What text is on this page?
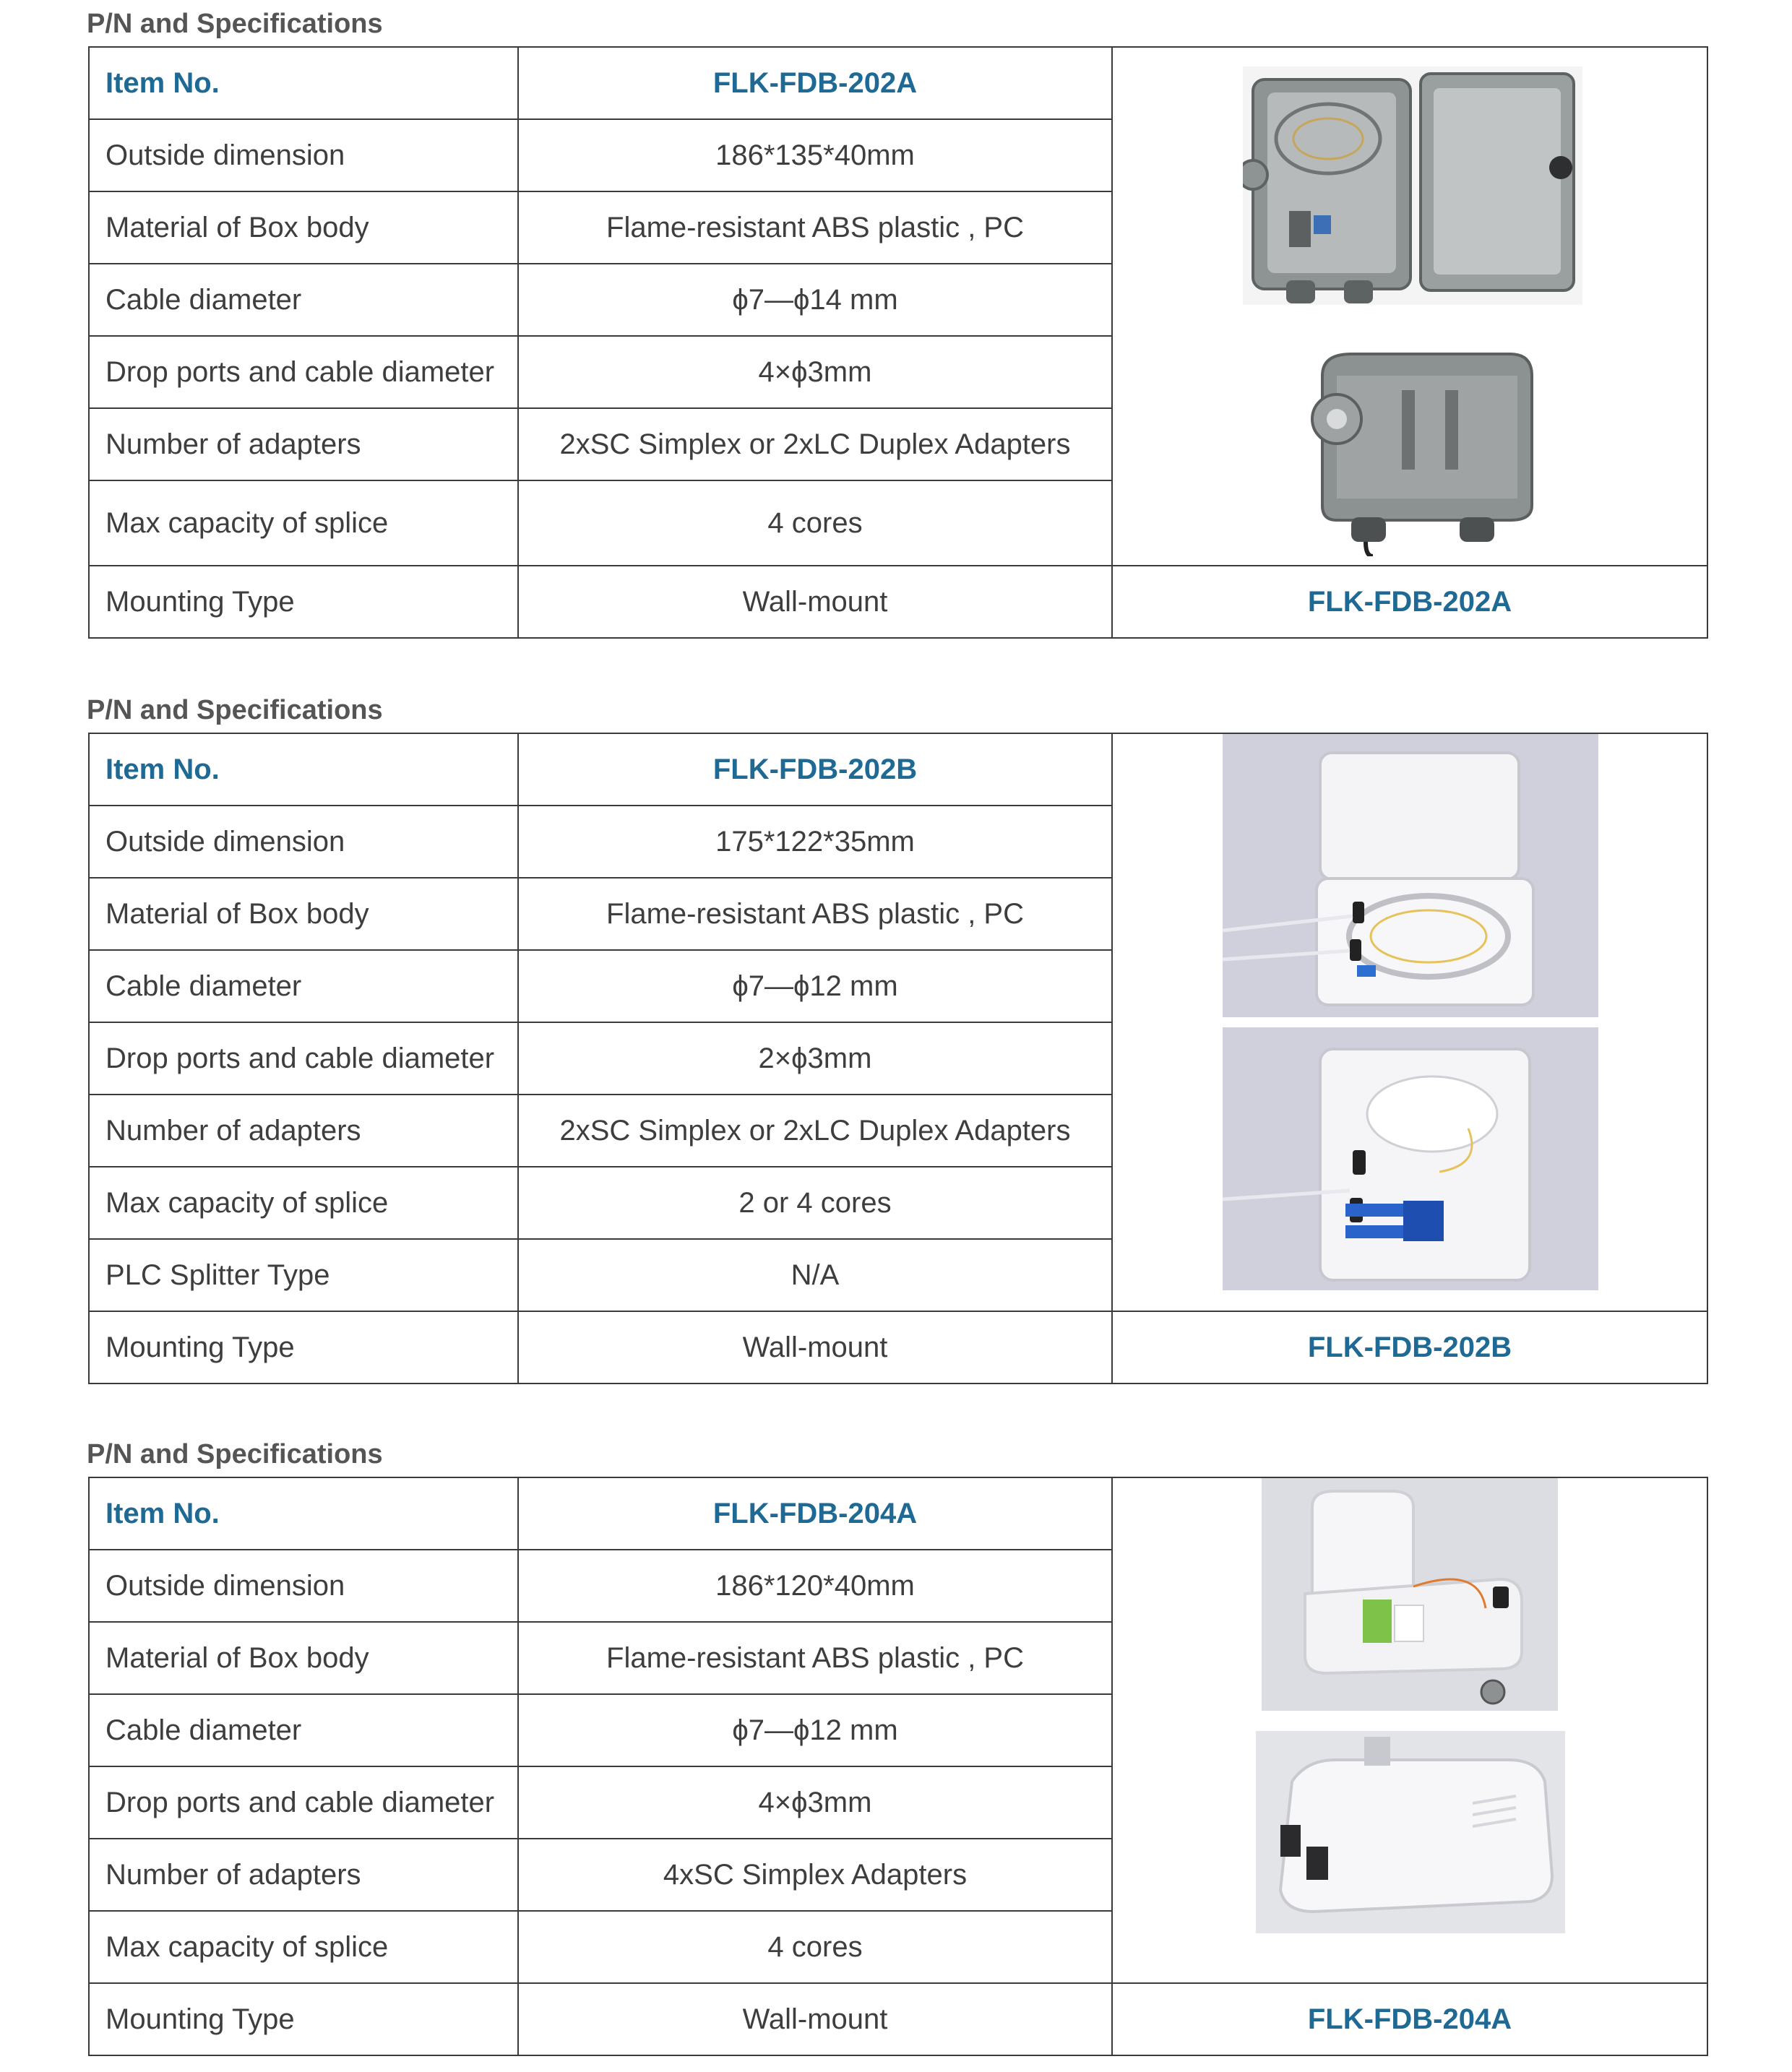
P/N and Specifications
Item No.	FLK-FDB-202A	

Outside dimension	186*135*40mm	
Material of Box body	Flame-resistant ABS plastic , PC	
Cable diameter	ϕ7—ϕ14 mm	
Drop ports and cable diameter	4×ϕ3mm	
Number of adapters	2xSC Simplex or 2xLC Duplex Adapters	
Max capacity of splice	4 cores	
Mounting Type	Wall-mount	FLK-FDB-202A
P/N and Specifications
Item No.	FLK-FDB-202B	

Outside dimension	175*122*35mm	
Material of Box body	Flame-resistant ABS plastic , PC	
Cable diameter	ϕ7—ϕ12 mm	
Drop ports and cable diameter	2×ϕ3mm	
Number of adapters	2xSC Simplex or 2xLC Duplex Adapters	
Max capacity of splice	2 or 4 cores	
PLC Splitter Type	N/A	
Mounting Type	Wall-mount	FLK-FDB-202B
P/N and Specifications
Item No.	FLK-FDB-204A	

Outside dimension	186*120*40mm	
Material of Box body	Flame-resistant ABS plastic , PC	
Cable diameter	ϕ7—ϕ12 mm	
Drop ports and cable diameter	4×ϕ3mm	
Number of adapters	4xSC Simplex Adapters	
Max capacity of splice	4 cores	
Mounting Type	Wall-mount	FLK-FDB-204A
